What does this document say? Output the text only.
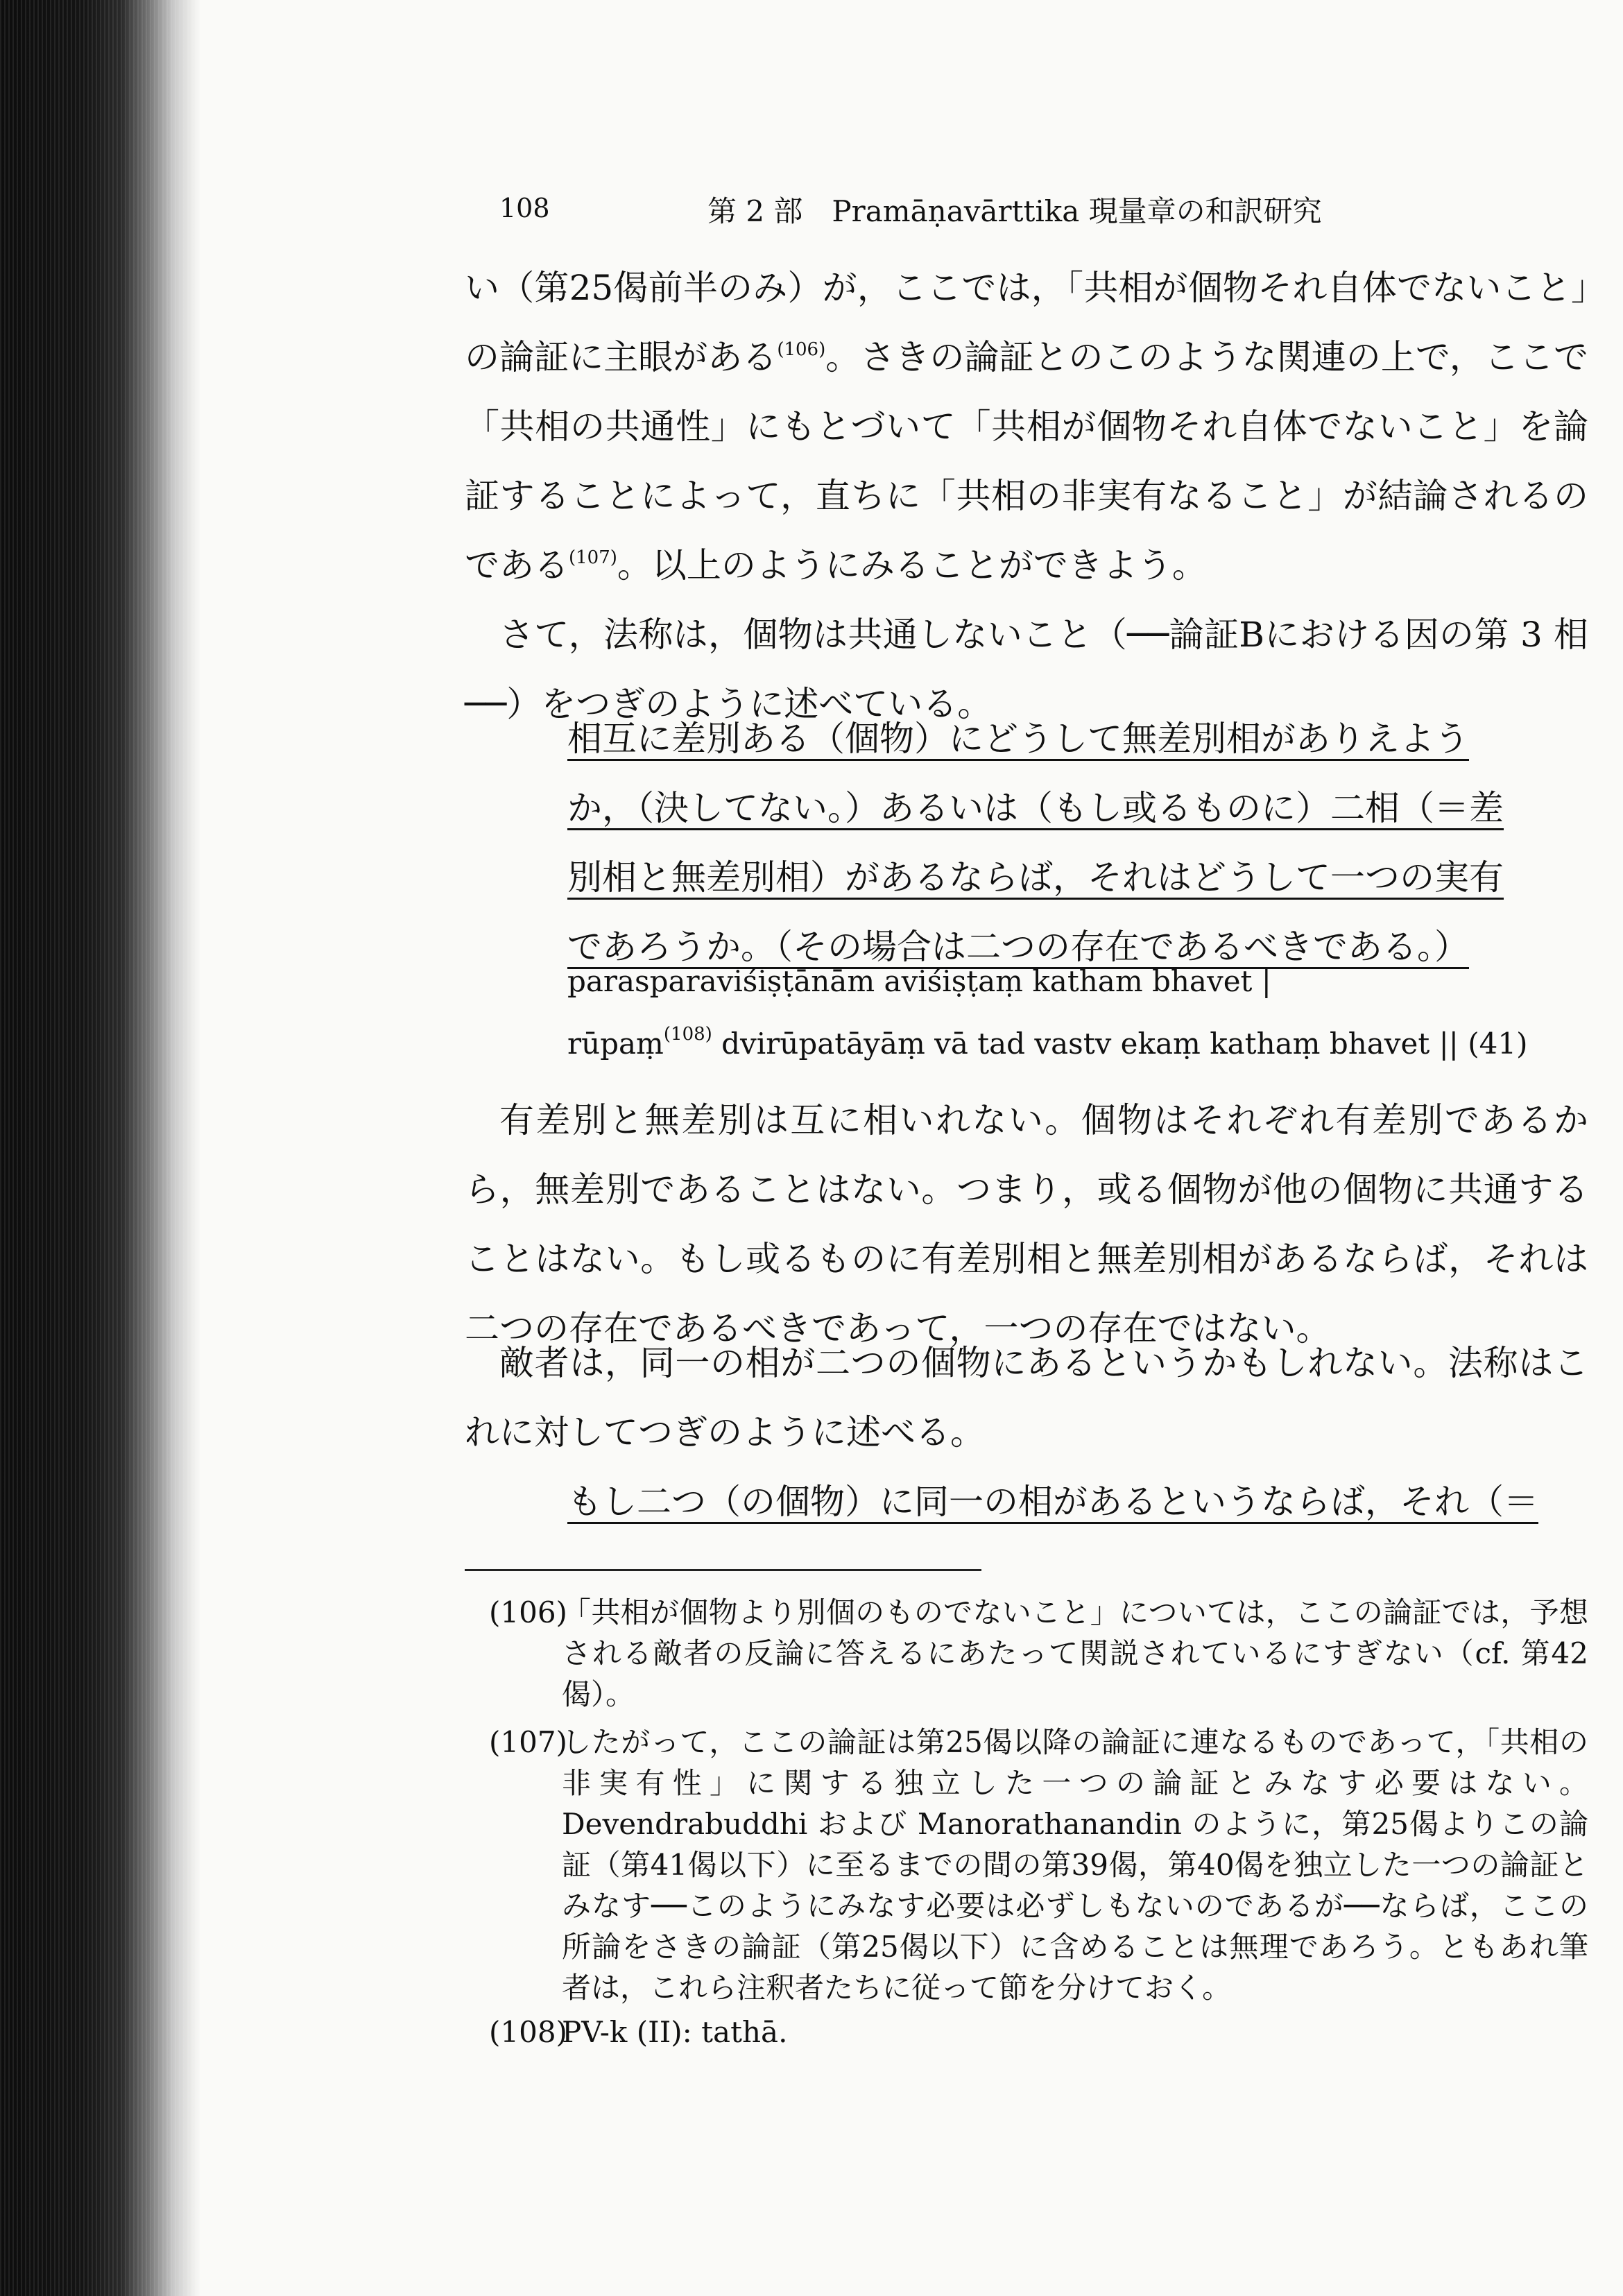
第 2 部　Pramāṇavārttika 現量章の和訳研究
108

い（第25偈前半のみ）が，ここでは，「共相が個物それ自体でないこと」の論証に主眼がある$^{(106)}$。さきの論証とのこのような関連の上で，ここで「共相の共通性」にもとづいて「共相が個物それ自体でないこと」を論証することによって，直ちに「共相の非実有なること」が結論されるのである$^{(107)}$。以上のようにみることができよう。

さて，法称は，個物は共通しないこと（──論証Bにおける因の第 3 相──）をつぎのように述べている。

相互に差別ある（個物）にどうして無差別相がありえようか，（決してない。）あるいは（もし或るものに）二相（＝差別相と無差別相）があるならば，それはどうして一つの実有であろうか。（その場合は二つの存在であるべきである。）

parasparaviśiṣṭānām aviśiṣṭaṃ katham bhavet |
rūpaṃ$^{(108)}$ dvirūpatāyāṃ vā tad vastv ekaṃ kathaṃ bhavet || (41)

有差別と無差別は互に相いれない。個物はそれぞれ有差別であるから，無差別であることはない。つまり，或る個物が他の個物に共通することはない。もし或るものに有差別相と無差別相があるならば，それは二つの存在であるべきであって，一つの存在ではない。

敵者は，同一の相が二つの個物にあるというかもしれない。法称はこれに対してつぎのように述べる。

もし二つ（の個物）に同一の相があるというならば，それ（＝

(106)
「共相が個物より別個のものでないこと」については，ここの論証では，予想される敵者の反論に答えるにあたって関説されているにすぎない（cf. 第42偈）。
(107)
したがって，ここの論証は第25偈以降の論証に連なるものであって，「共相の非実有性」に関する独立した一つの論証とみなす必要はない。Devendrabuddhi および Manorathanandin のように，第25偈よりこの論証（第41偈以下）に至るまでの間の第39偈，第40偈を独立した一つの論証とみなす──このようにみなす必要は必ずしもないのであるが──ならば，ここの所論をさきの論証（第25偈以下）に含めることは無理であろう。ともあれ筆者は，これら注釈者たちに従って節を分けておく。
(108)
PV-k (II): tathā.
